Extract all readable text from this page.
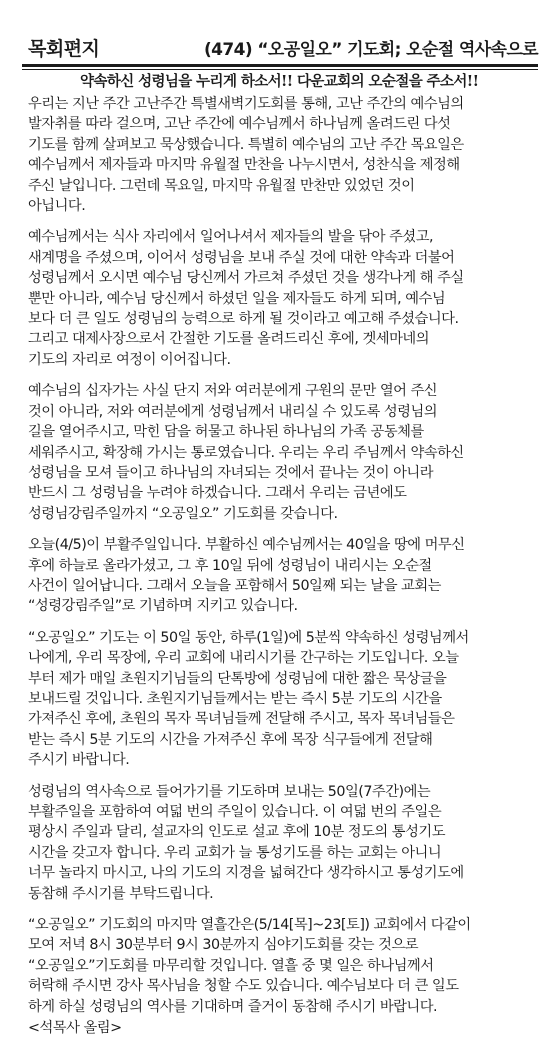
목회편지	(474) “오공일오” 기도회; 오순절 역사속으로
약속하신 성령님을 누리게 하소서!! 다운교회의 오순절을 주소서!!
우리는 지난 주간 고난주간 특별새벽기도회를 통해, 고난 주간의 예수님의
발자취를 따라 걸으며, 고난 주간에 예수님께서 하나님께 올려드린 다섯
기도를 함께 살펴보고 묵상했습니다. 특별히 예수님의 고난 주간 목요일은
예수님께서 제자들과 마지막 유월절 만찬을 나누시면서, 성찬식을 제정해
주신 날입니다. 그런데 목요일, 마지막 유월절 만찬만 있었던 것이
아닙니다.
예수님께서는 식사 자리에서 일어나셔서 제자들의 발을 닦아 주셨고,
새계명을 주셨으며, 이어서 성령님을 보내 주실 것에 대한 약속과 더불어
성령님께서 오시면 예수님 당신께서 가르쳐 주셨던 것을 생각나게 해 주실
뿐만 아니라, 예수님 당신께서 하셨던 일을 제자들도 하게 되며, 예수님
보다 더 큰 일도 성령님의 능력으로 하게 될 것이라고 예고해 주셨습니다.
그리고 대제사장으로서 간절한 기도를 올려드리신 후에, 겟세마네의
기도의 자리로 여정이 이어집니다.
예수님의 십자가는 사실 단지 저와 여러분에게 구원의 문만 열어 주신
것이 아니라, 저와 여러분에게 성령님께서 내리실 수 있도록 성령님의
길을 열어주시고, 막힌 담을 허물고 하나된 하나님의 가족 공동체를
세워주시고, 확장해 가시는 통로였습니다. 우리는 우리 주님께서 약속하신
성령님을 모셔 들이고 하나님의 자녀되는 것에서 끝나는 것이 아니라
반드시 그 성령님을 누려야 하겠습니다. 그래서 우리는 금년에도
성령님강림주일까지 “오공일오” 기도회를 갖습니다.
오늘(4/5)이 부활주일입니다. 부활하신 예수님께서는 40일을 땅에 머무신
후에 하늘로 올라가셨고, 그 후 10일 뒤에 성령님이 내리시는 오순절
사건이 일어납니다. 그래서 오늘을 포함해서 50일째 되는 날을 교회는
“성령강림주일”로 기념하며 지키고 있습니다.
“오공일오” 기도는 이 50일 동안, 하루(1일)에 5분씩 약속하신 성령님께서
나에게, 우리 목장에, 우리 교회에 내리시기를 간구하는 기도입니다. 오늘
부터 제가 매일 초원지기님들의 단톡방에 성령님에 대한 짧은 묵상글을
보내드릴 것입니다. 초원지기님들께서는 받는 즉시 5분 기도의 시간을
가져주신 후에, 초원의 목자 목녀님들께 전달해 주시고, 목자 목녀님들은
받는 즉시 5분 기도의 시간을 가져주신 후에 목장 식구들에게 전달해
주시기 바랍니다.
성령님의 역사속으로 들어가기를 기도하며 보내는 50일(7주간)에는
부활주일을 포함하여 여덟 번의 주일이 있습니다. 이 여덟 번의 주일은
평상시 주일과 달리, 설교자의 인도로 설교 후에 10분 정도의 통성기도
시간을 갖고자 합니다. 우리 교회가 늘 통성기도를 하는 교회는 아니니
너무 놀라지 마시고, 나의 기도의 지경을 넓혀간다 생각하시고 통성기도에
동참해 주시기를 부탁드립니다.
“오공일오” 기도회의 마지막 열흘간은(5/14[목]~23[토]) 교회에서 다같이
모여 저녁 8시 30분부터 9시 30분까지 심야기도회를 갖는 것으로
“오공일오”기도회를 마무리할 것입니다. 열흘 중 몇 일은 하나님께서
허락해 주시면 강사 목사님을 청할 수도 있습니다. 예수님보다 더 큰 일도
하게 하실 성령님의 역사를 기대하며 즐거이 동참해 주시기 바랍니다.
<석목사 올림>
